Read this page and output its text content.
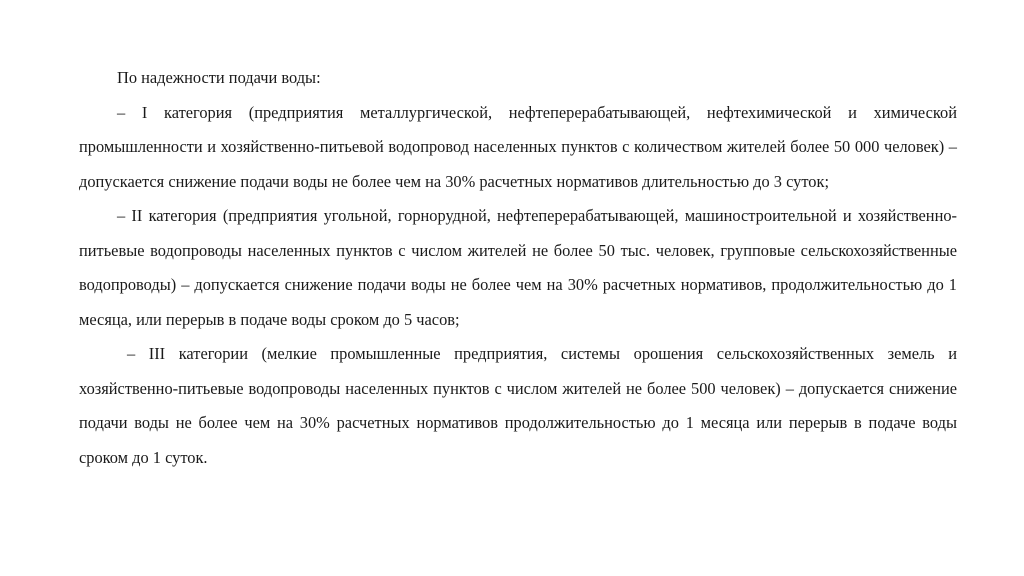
По надежности подачи воды:

– I категория (предприятия металлургической, нефтеперерабатывающей, нефтехимической и химической промышленности и хозяйственно-питьевой водопровод населенных пунктов с количеством жителей более 50 000 человек) – допускается снижение подачи воды не более чем на 30% расчетных нормативов длительностью до 3 суток;

– II категория (предприятия угольной, горнорудной, нефтеперерабатывающей, машиностроительной и хозяйственно-питьевые водопроводы населенных пунктов с числом жителей не более 50 тыс. человек, групповые сельскохозяйственные водопроводы) – допускается снижение подачи воды не более чем на 30% расчетных нормативов, продолжительностью до 1 месяца, или перерыв в подаче воды сроком до 5 часов;

– III категории (мелкие промышленные предприятия, системы орошения сельскохозяйственных земель и хозяйственно-питьевые водопроводы населенных пунктов с числом жителей не более 500 человек) – допускается снижение подачи воды не более чем на 30% расчетных нормативов продолжительностью до 1 месяца или перерыв в подаче воды сроком до 1 суток.
